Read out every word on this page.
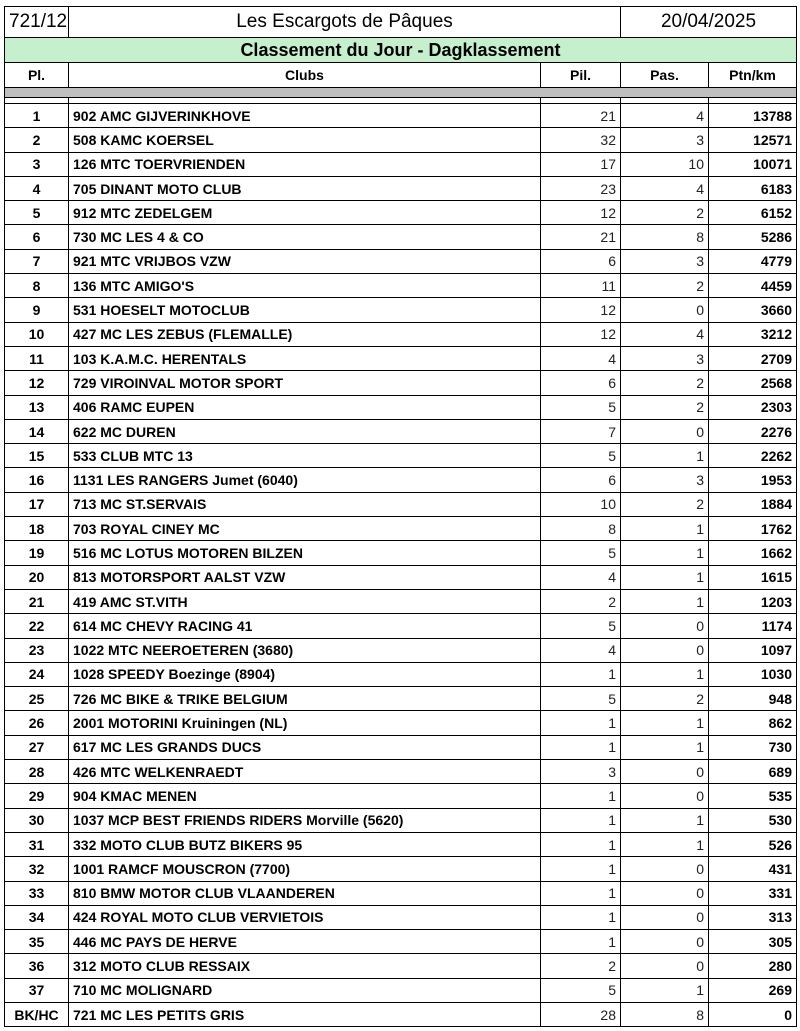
721/12	Les Escargots de Pâques		20/04/2025	
Classement du Jour - Dagklassement				
Pl.	Clubs	Pil.	Pas.	Ptn/km

1	902 AMC GIJVERINKHOVE	21	4	13788
2	508 KAMC KOERSEL	32	3	12571
3	126 MTC TOERVRIENDEN	17	10	10071
4	705 DINANT MOTO CLUB	23	4	6183
5	912 MTC ZEDELGEM	12	2	6152
6	730 MC LES 4 & CO	21	8	5286
7	921 MTC VRIJBOS VZW	6	3	4779
8	136 MTC AMIGO'S	11	2	4459
9	531 HOESELT MOTOCLUB	12	0	3660
10	427 MC LES ZEBUS (FLEMALLE)	12	4	3212
11	103 K.A.M.C. HERENTALS	4	3	2709
12	729 VIROINVAL MOTOR SPORT	6	2	2568
13	406 RAMC EUPEN	5	2	2303
14	622 MC DUREN	7	0	2276
15	533 CLUB MTC 13	5	1	2262
16	1131 LES RANGERS Jumet (6040)	6	3	1953
17	713 MC ST.SERVAIS	10	2	1884
18	703 ROYAL CINEY MC	8	1	1762
19	516 MC LOTUS MOTOREN BILZEN	5	1	1662
20	813 MOTORSPORT AALST VZW	4	1	1615
21	419 AMC ST.VITH	2	1	1203
22	614 MC CHEVY RACING 41	5	0	1174
23	1022 MTC NEEROETEREN (3680)	4	0	1097
24	1028 SPEEDY Boezinge (8904)	1	1	1030
25	726 MC BIKE & TRIKE BELGIUM	5	2	948
26	2001 MOTORINI Kruiningen (NL)	1	1	862
27	617 MC LES GRANDS DUCS	1	1	730
28	426 MTC WELKENRAEDT	3	0	689
29	904 KMAC MENEN	1	0	535
30	1037 MCP BEST FRIENDS RIDERS Morville (5620)	1	1	530
31	332 MOTO CLUB BUTZ BIKERS 95	1	1	526
32	1001 RAMCF MOUSCRON (7700)	1	0	431
33	810 BMW MOTOR CLUB VLAANDEREN	1	0	331
34	424 ROYAL MOTO CLUB VERVIETOIS	1	0	313
35	446 MC PAYS DE HERVE	1	0	305
36	312 MOTO CLUB RESSAIX	2	0	280
37	710 MC MOLIGNARD	5	1	269
BK/HC	721 MC LES PETITS GRIS	28	8	0
